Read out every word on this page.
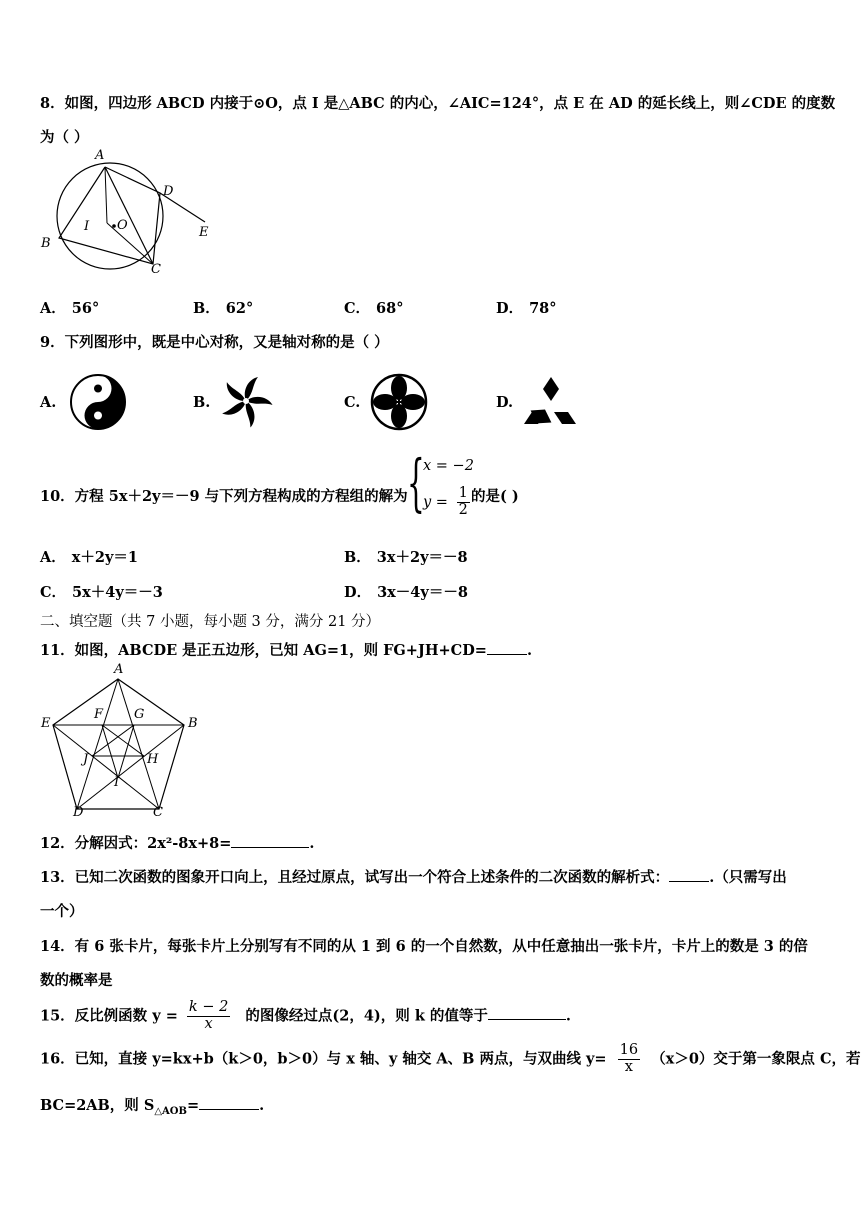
8．如图，四边形 ABCD 内接于⊙O，点 I 是△ABC 的内心，∠AIC=124°，点 E 在 AD 的延长线上，则∠CDE 的度数
为（ ）
A
D
E
I O
B
C
A． 56°	B． 62°	C． 68°	D． 78°
9．下列图形中，既是中心对称，又是轴对称的是（ ）
A.	B.	C.	D.
10．方程 5x＋2y＝－9 与下列方程构成的方程组的解为 {
x = −2
$y = \frac{1}{2}$ 的是( )
A． x＋2y＝1	B． 3x＋2y＝－8
C． 5x＋4y＝－3	D． 3x－4y＝－8
二、填空题（共 7 小题，每小题 3 分，满分 21 分）
11．如图，ABCDE 是正五边形，已知 AG=1，则 FG+JH+CD=	.
A
E	B
F G
J	H
I
D	C
12．分解因式：2x²-8x+8=	.
13．已知二次函数的图象开口向上，且经过原点，试写出一个符合上述条件的二次函数的解析式：	.（只需写出
一个）
14．有 6 张卡片，每张卡片上分别写有不同的从 1 到 6 的一个自然数，从中任意抽出一张卡片，卡片上的数是 3 的倍
数的概率是
15．反比例函数 $y = \frac{k - 2}{x}$ 的图像经过点(2，4)，则 k 的值等于	.
16．已知，直接 y=kx+b（k＞0，b＞0）与 x 轴、y 轴交 A、B 两点，与双曲线 $y= \frac{16}{x} (x>0)$交于第一象限点 C，若
BC=2AB，则 $S_{\triangle AOB}=$	.
